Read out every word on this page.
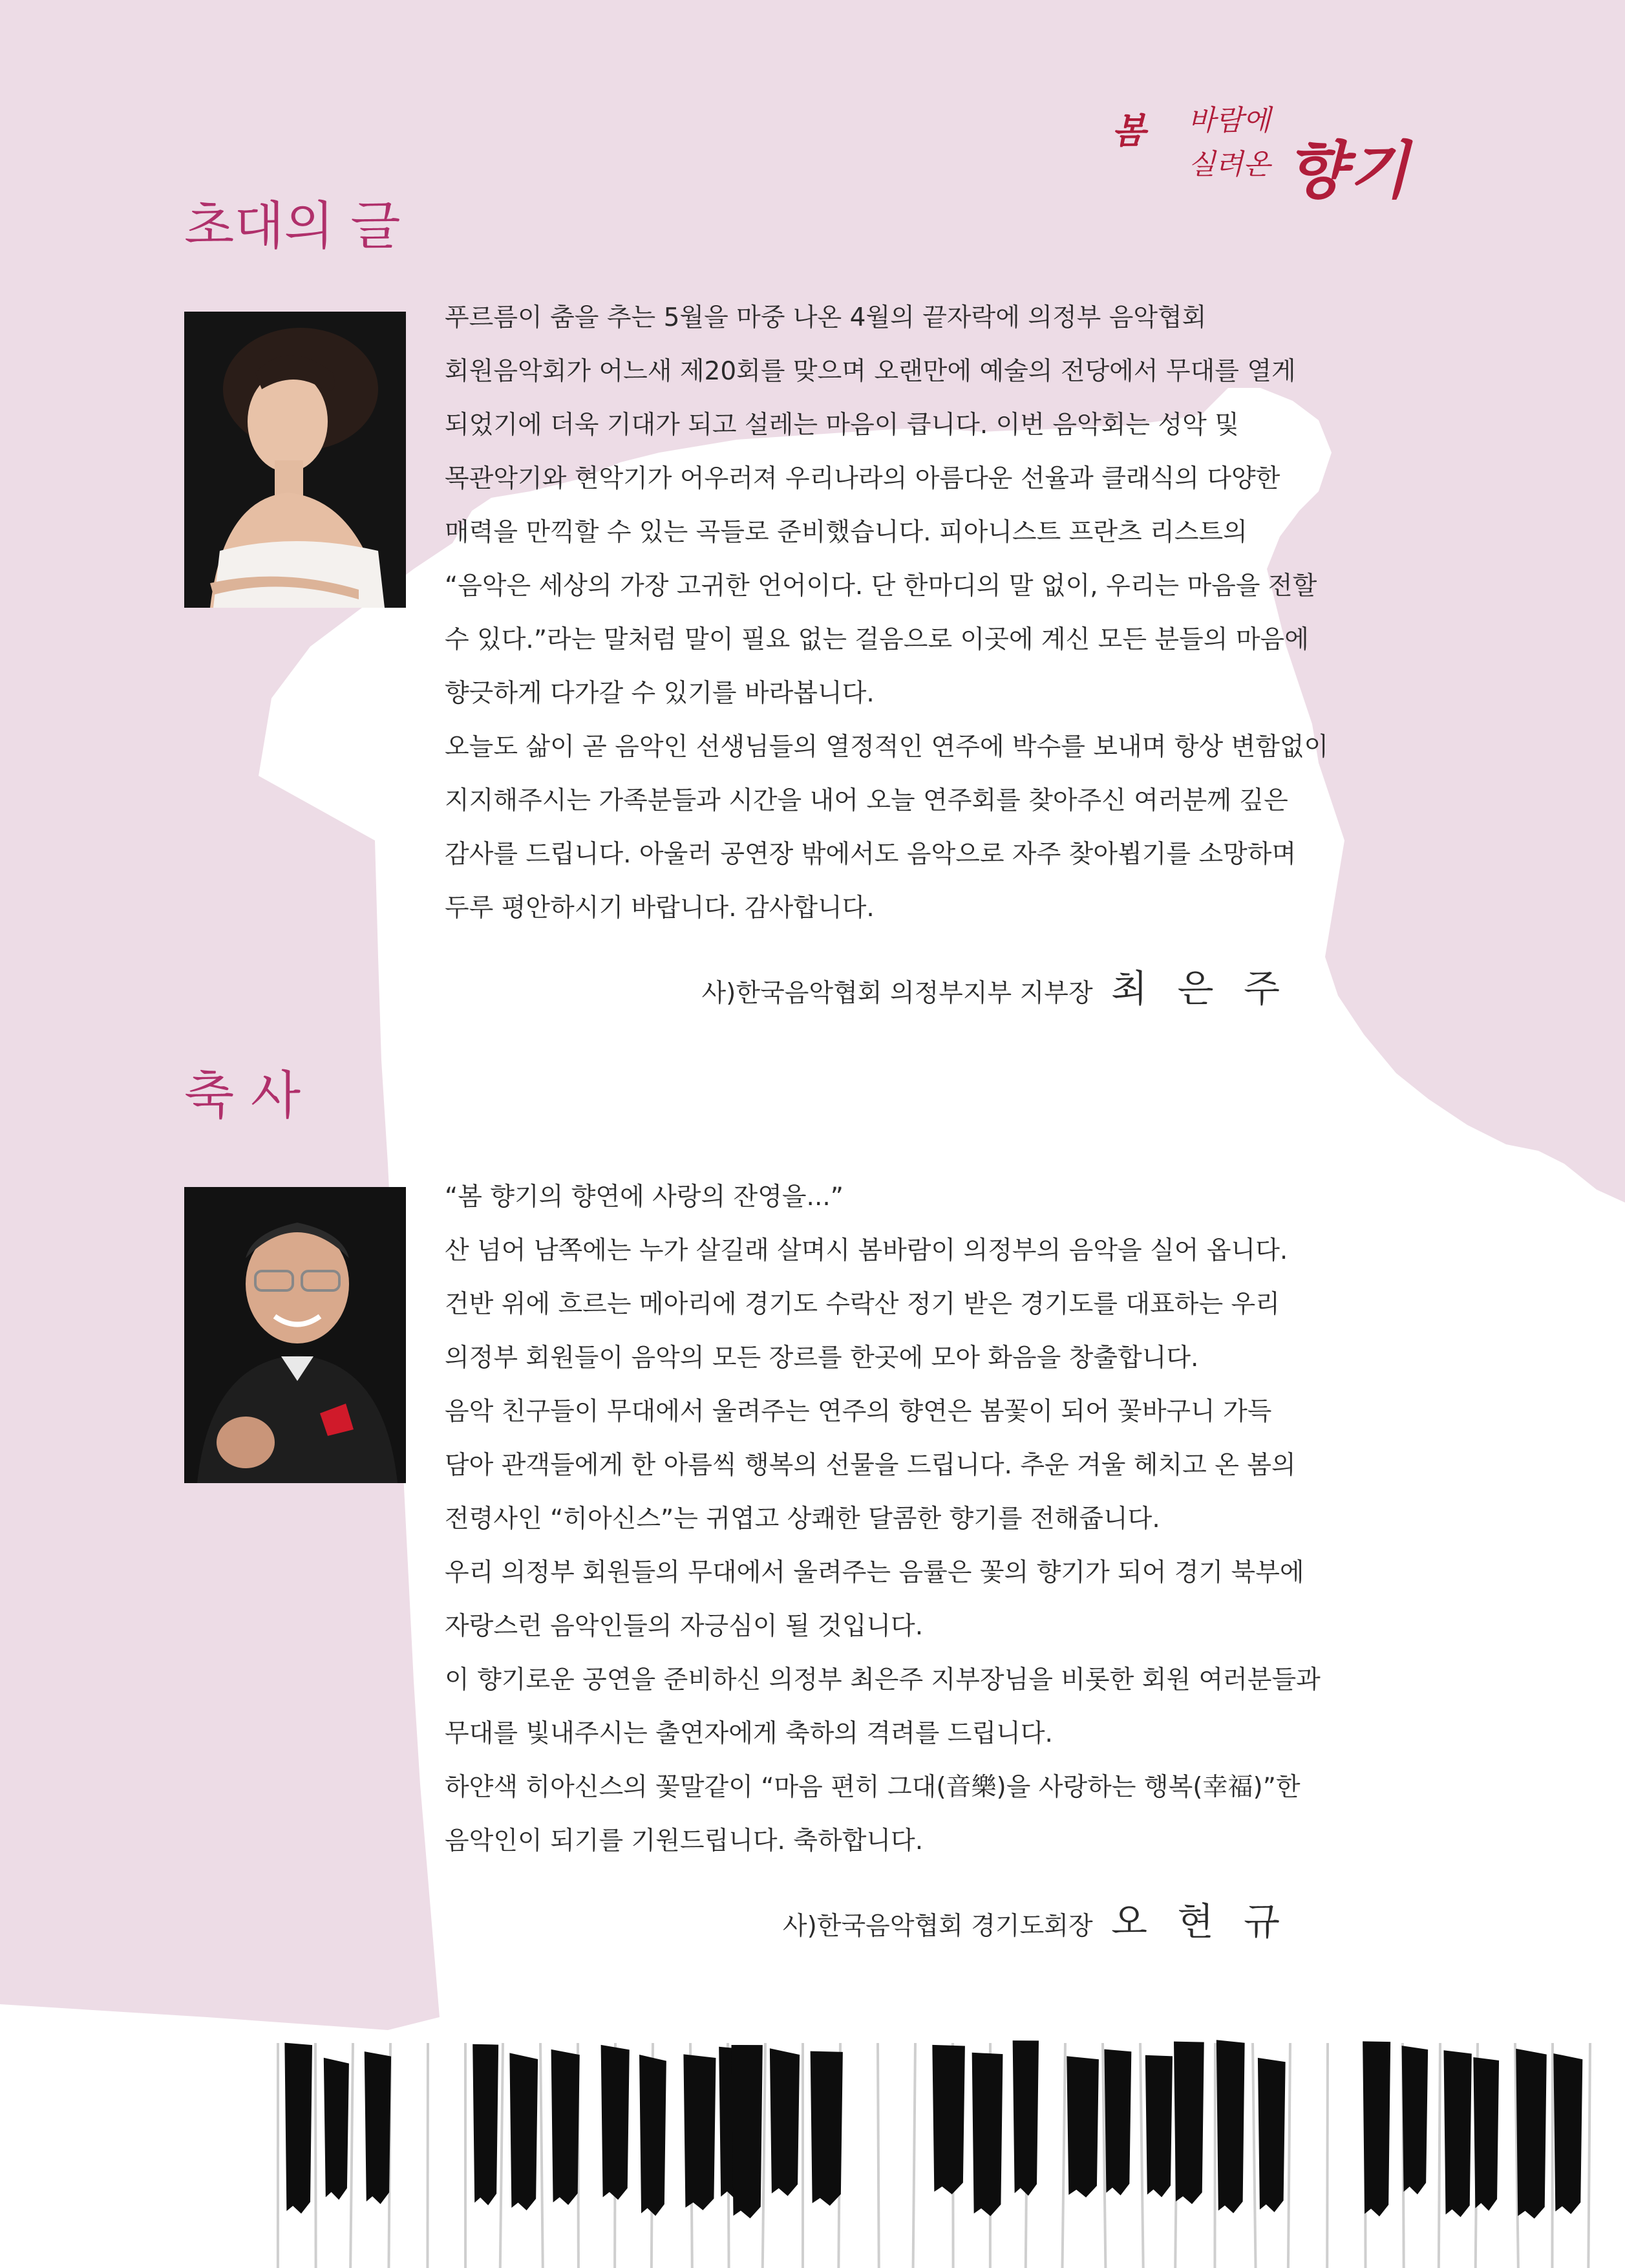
봄 바람에
실려온 향기
초대의 글

푸르름이 춤을 추는 5월을 마중 나온 4월의 끝자락에 의정부 음악협회

회원음악회가 어느새 제20회를 맞으며 오랜만에 예술의 전당에서 무대를 열게

되었기에 더욱 기대가 되고 설레는 마음이 큽니다. 이번 음악회는 성악 및

목관악기와 현악기가 어우러져 우리나라의 아름다운 선율과 클래식의 다양한

매력을 만끽할 수 있는 곡들로 준비했습니다. 피아니스트 프란츠 리스트의

“음악은 세상의 가장 고귀한 언어이다. 단 한마디의 말 없이, 우리는 마음을 전할

수 있다.”라는 말처럼 말이 필요 없는 걸음으로 이곳에 계신 모든 분들의 마음에

향긋하게 다가갈 수 있기를 바라봅니다.

오늘도 삶이 곧 음악인 선생님들의 열정적인 연주에 박수를 보내며 항상 변함없이

지지해주시는 가족분들과 시간을 내어 오늘 연주회를 찾아주신 여러분께 깊은

감사를 드립니다. 아울러 공연장 밖에서도 음악으로 자주 찾아뵙기를 소망하며

두루 평안하시기 바랍니다. 감사합니다.

사)한국음악협회 의정부지부 지부장 최 은 주
축 사

“봄 향기의 향연에 사랑의 잔영을...”

산 넘어 남쪽에는 누가 살길래 살며시 봄바람이 의정부의 음악을 실어 옵니다.

건반 위에 흐르는 메아리에 경기도 수락산 정기 받은 경기도를 대표하는 우리

의정부 회원들이 음악의 모든 장르를 한곳에 모아 화음을 창출합니다.

음악 친구들이 무대에서 울려주는 연주의 향연은 봄꽃이 되어 꽃바구니 가득

담아 관객들에게 한 아름씩 행복의 선물을 드립니다. 추운 겨울 헤치고 온 봄의

전령사인 “히아신스”는 귀엽고 상쾌한 달콤한 향기를 전해줍니다.

우리 의정부 회원들의 무대에서 울려주는 음률은 꽃의 향기가 되어 경기 북부에

자랑스런 음악인들의 자긍심이 될 것입니다.

이 향기로운 공연을 준비하신 의정부 최은주 지부장님을 비롯한 회원 여러분들과

무대를 빛내주시는 출연자에게 축하의 격려를 드립니다.

하얀색 히아신스의 꽃말같이 “마음 편히 그대(音樂)을 사랑하는 행복(幸福)”한

음악인이 되기를 기원드립니다. 축하합니다.

사)한국음악협회 경기도회장 오 현 규
